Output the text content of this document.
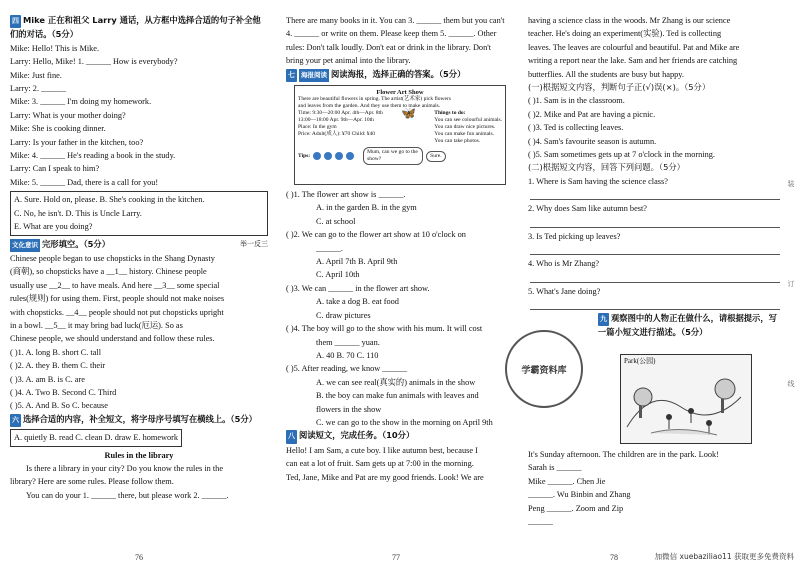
四 Mike 正在和祖父 Larry 通话，从方框中选择合适的句子补全他们的对话。（5分）
Mike: Hello! This is Mike.
Larry: Hello, Mike! 1. ______ How is everybody?
Mike: Just fine.
Larry: 2. ______
Mike: 3. ______ I'm doing my homework.
Larry: What is your mother doing?
Mike: She is cooking dinner.
Larry: Is your father in the kitchen, too?
Mike: 4. ______ He's reading a book in the study.
Larry: Can I speak to him?
Mike: 5. ______ Dad, there is a call for you!
A. Sure. Hold on, please. B. She's cooking in the kitchen.
C. No, he isn't. D. This is Uncle Larry.
E. What are you doing?
文化意识 完形填空。（5分）	举一反三
Chinese people began to use chopsticks in the Shang Dynasty
(商朝), so chopsticks have a __1__ history. Chinese people
usually use __2__ to have meals. And here __3__ some special
rules(规则) for using them. First, people should not make noises
with chopsticks. __4__ people should not put chopsticks upright
in a bowl. __5__ it may bring bad luck(厄运). So as
Chinese people, we should understand and follow these rules.
( )1. A. long B. short C. tall
( )2. A. they B. them C. their
( )3. A. am B. is C. are
( )4. A. Two B. Second C. Third
( )5. A. And B. So C. because
六 选择合适的内容，补全短文，将字母序号填写在横线上。（5分）
A. quietly B. read C. clean D. draw E. homework
Rules in the library
Is there a library in your city? Do you know the rules in the
library? Here are some rules. Please follow them.
You can do your 1. ______ there, but please work 2. ______.
76
There are many books in it. You can 3. ______ them but you can't
4. ______ or write on them. Please keep them 5. ______. Other
rules: Don't talk loudly. Don't eat or drink in the library. Don't
bring your pet animal into the library.
七 海报阅读 阅读海报，选择正确的答案。（5分）
Flower Art Show
There are beautiful flowers in spring. The artist(艺术家) pick flowers
and leaves from the garden. And they use them to make animals.
Time: 9:30—20:00 Apr. 4th—Apr. 8th
13:00—18:00 Apr. 9th—Apr. 10th
Place: In the gym
Price: Adult(成人): ¥70 Child: ¥40
🦋	Things to do:
You can see colourful animals.
You can draw nice pictures.
You can make fun animals.
You can take photos.
Tips:
Mum, can we go to the show?
Sure.
( )1. The flower art show is ______.
A. in the garden B. in the gym
C. at school
( )2. We can go to the flower art show at 10 o'clock on
______.
A. April 7th B. April 9th
C. April 10th
( )3. We can ______ in the flower art show.
A. take a dog B. eat food
C. draw pictures
( )4. The boy will go to the show with his mum. It will cost
them ______ yuan.
A. 40 B. 70 C. 110
( )5. After reading, we know ______
A. we can see real(真实的) animals in the show
B. the boy can make fun animals with leaves and
flowers in the show
C. we can go to the show in the morning on April 9th
八 阅读短文，完成任务。（10分）
Hello! I am Sam, a cute boy. I like autumn best, because I
can eat a lot of fruit. Sam gets up at 7:00 in the morning.
Ted, Jane, Mike and Pat are my good friends. Look! We are
77
学霸资料库
having a science class in the woods. Mr Zhang is our science
teacher. He's doing an experiment(实验). Ted is collecting
leaves. The leaves are colourful and beautiful. Pat and Mike are
writing a report near the lake. Sam and her friends are catching
butterflies. All the students are busy but happy.
(一)根据短文内容，判断句子正(√)误(×)。（5分）
( )1. Sam is in the classroom.
( )2. Mike and Pat are having a picnic.
( )3. Ted is collecting leaves.
( )4. Sam's favourite season is autumn.
( )5. Sam sometimes gets up at 7 o'clock in the morning.
(二)根据短文内容，回答下列问题。（5分）
1. Where is Sam having the science class?
2. Why does Sam like autumn best?
3. Is Ted picking up leaves?
4. Who is Mr Zhang?
5. What's Jane doing?
九 观察图中的人物正在做什么，请根据提示，写一篇小短文进行描述。（5分）
Park(公园)
It's Sunday afternoon. The children are in the park. Look!
Sarah is ______
Mike ______. Chen Jie
______. Wu Binbin and Zhang
Peng ______. Zoom and Zip
______
78	加微信 xuebaziliao11 获取更多免费资料
装
订
线
